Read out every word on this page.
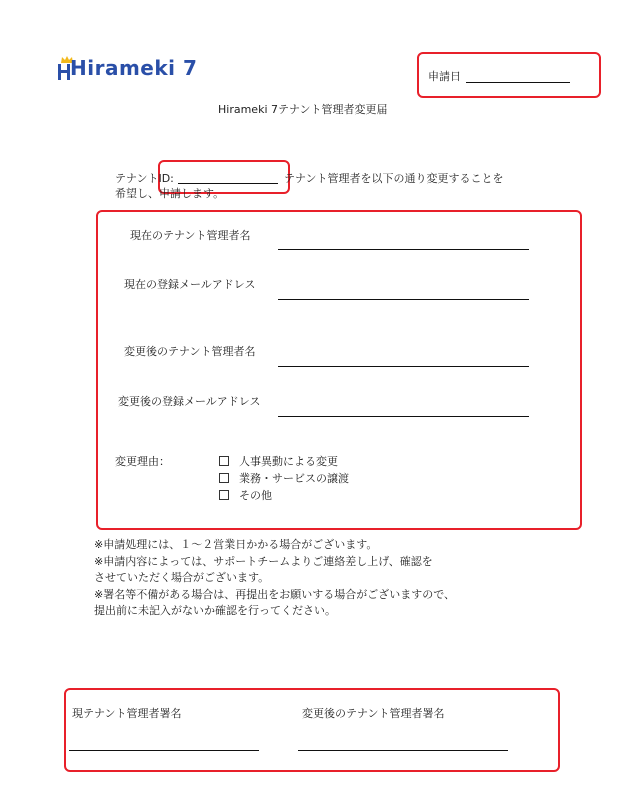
Hirameki 7	申請日
Hirameki 7テナント管理者変更届
テナントID:	テナント管理者を以下の通り変更することを
希望し、申請します。
現在のテナント管理者名
現在の登録メールアドレス
変更後のテナント管理者名
変更後の登録メールアドレス
変更理由：	人事異動による変更
業務・サービスの譲渡
その他
※申請処理には、１～２営業日かかる場合がございます。
※申請内容によっては、サポートチームよりご連絡差し上げ、確認を
させていただく場合がございます。
※署名等不備がある場合は、再提出をお願いする場合がございますので、
提出前に未記入がないか確認を行ってください。
現テナント管理者署名	変更後のテナント管理者署名
